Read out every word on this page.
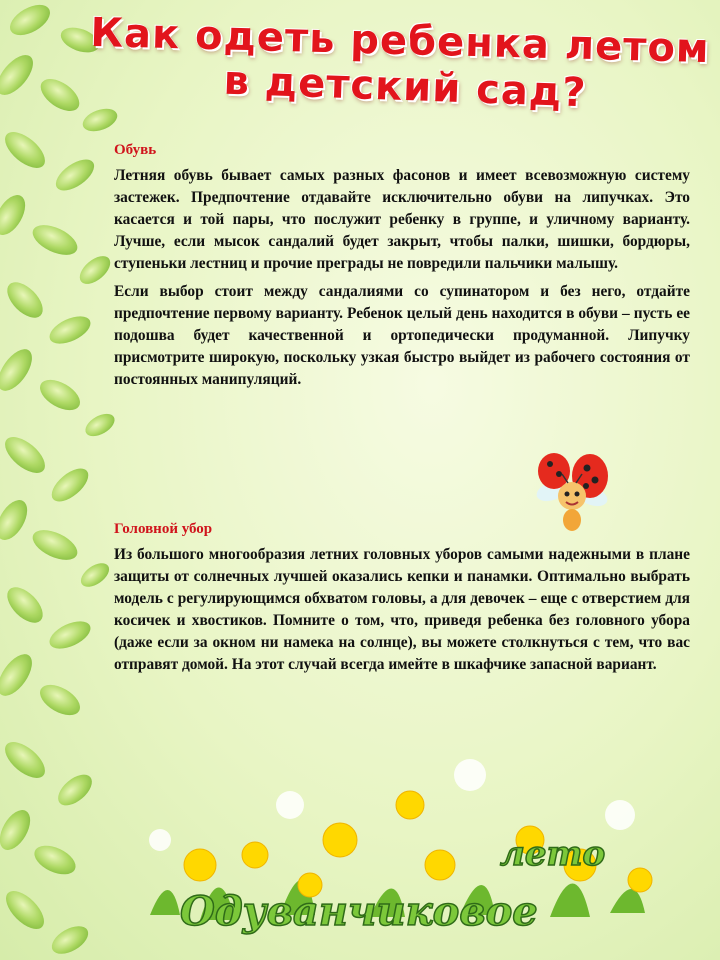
Как одеть ребенка летом
в детский сад?
Обувь

Летняя обувь бывает самых разных фасонов и имеет всевозможную систему застежек. Предпочтение отдавайте исключительно обуви на липучках. Это касается и той пары, что послужит ребенку в группе, и уличному варианту. Лучше, если мысок сандалий будет закрыт, чтобы палки, шишки, бордюры, ступеньки лестниц и прочие преграды не повредили пальчики малышу.

Если выбор стоит между сандалиями со супинатором и без него, отдайте предпочтение первому варианту. Ребенок целый день находится в обуви – пусть ее подошва будет качественной и ортопедически продуманной. Липучку присмотрите широкую, поскольку узкая быстро выйдет из рабочего состояния от постоянных манипуляций.

Головной убор

Из большого многообразия летних головных уборов самыми надежными в плане защиты от солнечных лучшей оказались кепки и панамки. Оптимально выбрать модель с регулирующимся обхватом головы, а для девочек – еще с отверстием для косичек и хвостиков. Помните о том, что, приведя ребенка без головного убора (даже если за окном ни намека на солнце), вы можете столкнуться с тем, что вас отправят домой. На этот случай всегда имейте в шкафчике запасной вариант.

Одуванчиковое
лето
